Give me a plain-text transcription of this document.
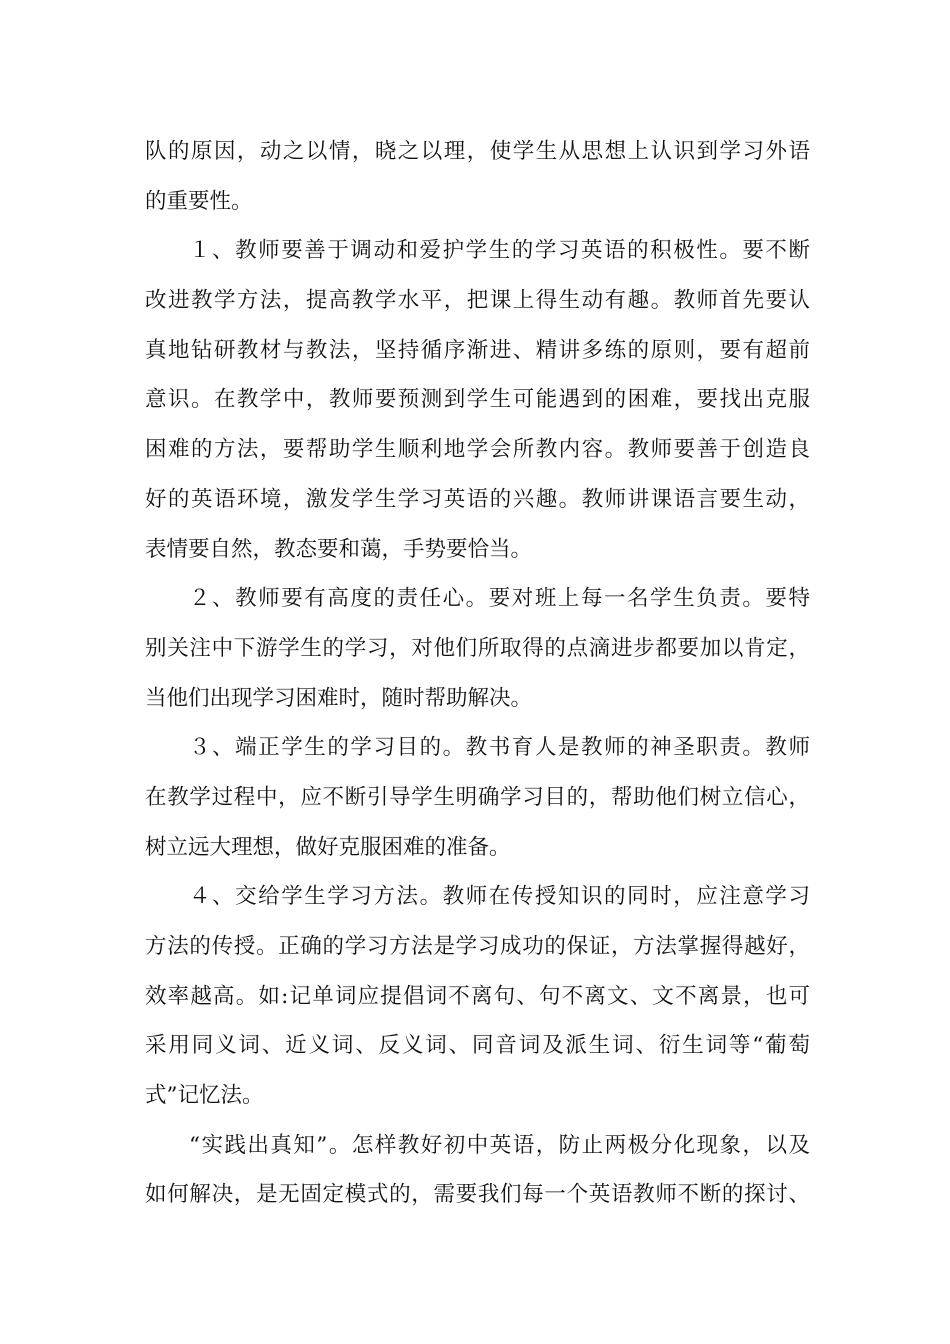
队的原因，动之以情，晓之以理，使学生从思想上认识到学习外语
的重要性。
１、教师要善于调动和爱护学生的学习英语的积极性。要不断
改进教学方法，提高教学水平，把课上得生动有趣。教师首先要认
真地钻研教材与教法，坚持循序渐进、精讲多练的原则，要有超前
意识。在教学中，教师要预测到学生可能遇到的困难，要找出克服
困难的方法，要帮助学生顺利地学会所教内容。教师要善于创造良
好的英语环境，激发学生学习英语的兴趣。教师讲课语言要生动，
表情要自然，教态要和蔼，手势要恰当。
２、教师要有高度的责任心。要对班上每一名学生负责。要特
别关注中下游学生的学习，对他们所取得的点滴进步都要加以肯定，
当他们出现学习困难时，随时帮助解决。
３、端正学生的学习目的。教书育人是教师的神圣职责。教师
在教学过程中，应不断引导学生明确学习目的，帮助他们树立信心，
树立远大理想，做好克服困难的准备。
４、交给学生学习方法。教师在传授知识的同时，应注意学习
方法的传授。正确的学习方法是学习成功的保证，方法掌握得越好，
效率越高。如:记单词应提倡词不离句、句不离文、文不离景，也可
采用同义词、近义词、反义词、同音词及派生词、衍生词等“葡萄
式”记忆法。
“实践出真知”。怎样教好初中英语，防止两极分化现象，以及
如何解决，是无固定模式的，需要我们每一个英语教师不断的探讨、
